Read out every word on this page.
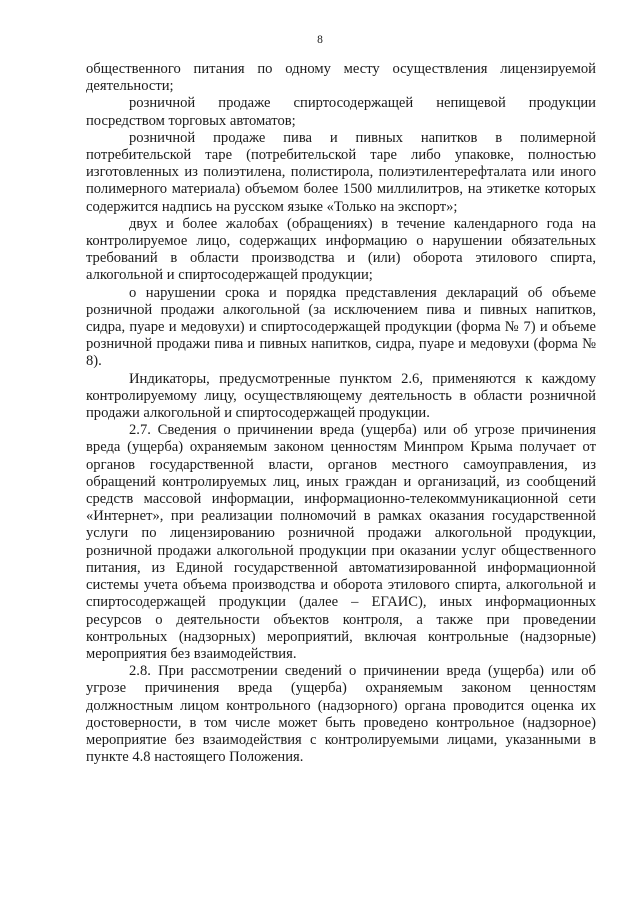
8

общественного питания по одному месту осуществления лицензируемой деятельности;

розничной продаже спиртосодержащей непищевой продукции посредством торговых автоматов;

розничной продаже пива и пивных напитков в полимерной потребительской таре (потребительской таре либо упаковке, полностью изготовленных из полиэтилена, полистирола, полиэтилентерефталата или иного полимерного материала) объемом более 1500 миллилитров, на этикетке которых содержится надпись на русском языке «Только на экспорт»;

двух и более жалобах (обращениях) в течение календарного года на контролируемое лицо, содержащих информацию о нарушении обязательных требований в области производства и (или) оборота этилового спирта, алкогольной и спиртосодержащей продукции;

о нарушении срока и порядка представления деклараций об объеме розничной продажи алкогольной (за исключением пива и пивных напитков, сидра, пуаре и медовухи) и спиртосодержащей продукции (форма № 7) и объеме розничной продажи пива и пивных напитков, сидра, пуаре и медовухи (форма № 8).

Индикаторы, предусмотренные пунктом 2.6, применяются к каждому контролируемому лицу, осуществляющему деятельность в области розничной продажи алкогольной и спиртосодержащей продукции.

2.7. Сведения о причинении вреда (ущерба) или об угрозе причинения вреда (ущерба) охраняемым законом ценностям Минпром Крыма получает от органов государственной власти, органов местного самоуправления, из обращений контролируемых лиц, иных граждан и организаций, из сообщений средств массовой информации, информационно-телекоммуникационной сети «Интернет», при реализации полномочий в рамках оказания государственной услуги по лицензированию розничной продажи алкогольной продукции, розничной продажи алкогольной продукции при оказании услуг общественного питания, из Единой государственной автоматизированной информационной системы учета объема производства и оборота этилового спирта, алкогольной и спиртосодержащей продукции (далее – ЕГАИС), иных информационных ресурсов о деятельности объектов контроля, а также при проведении контрольных (надзорных) мероприятий, включая контрольные (надзорные) мероприятия без взаимодействия.

2.8. При рассмотрении сведений о причинении вреда (ущерба) или об угрозе причинения вреда (ущерба) охраняемым законом ценностям должностным лицом контрольного (надзорного) органа проводится оценка их достоверности, в том числе может быть проведено контрольное (надзорное) мероприятие без взаимодействия с контролируемыми лицами, указанными в пункте 4.8 настоящего Положения.
